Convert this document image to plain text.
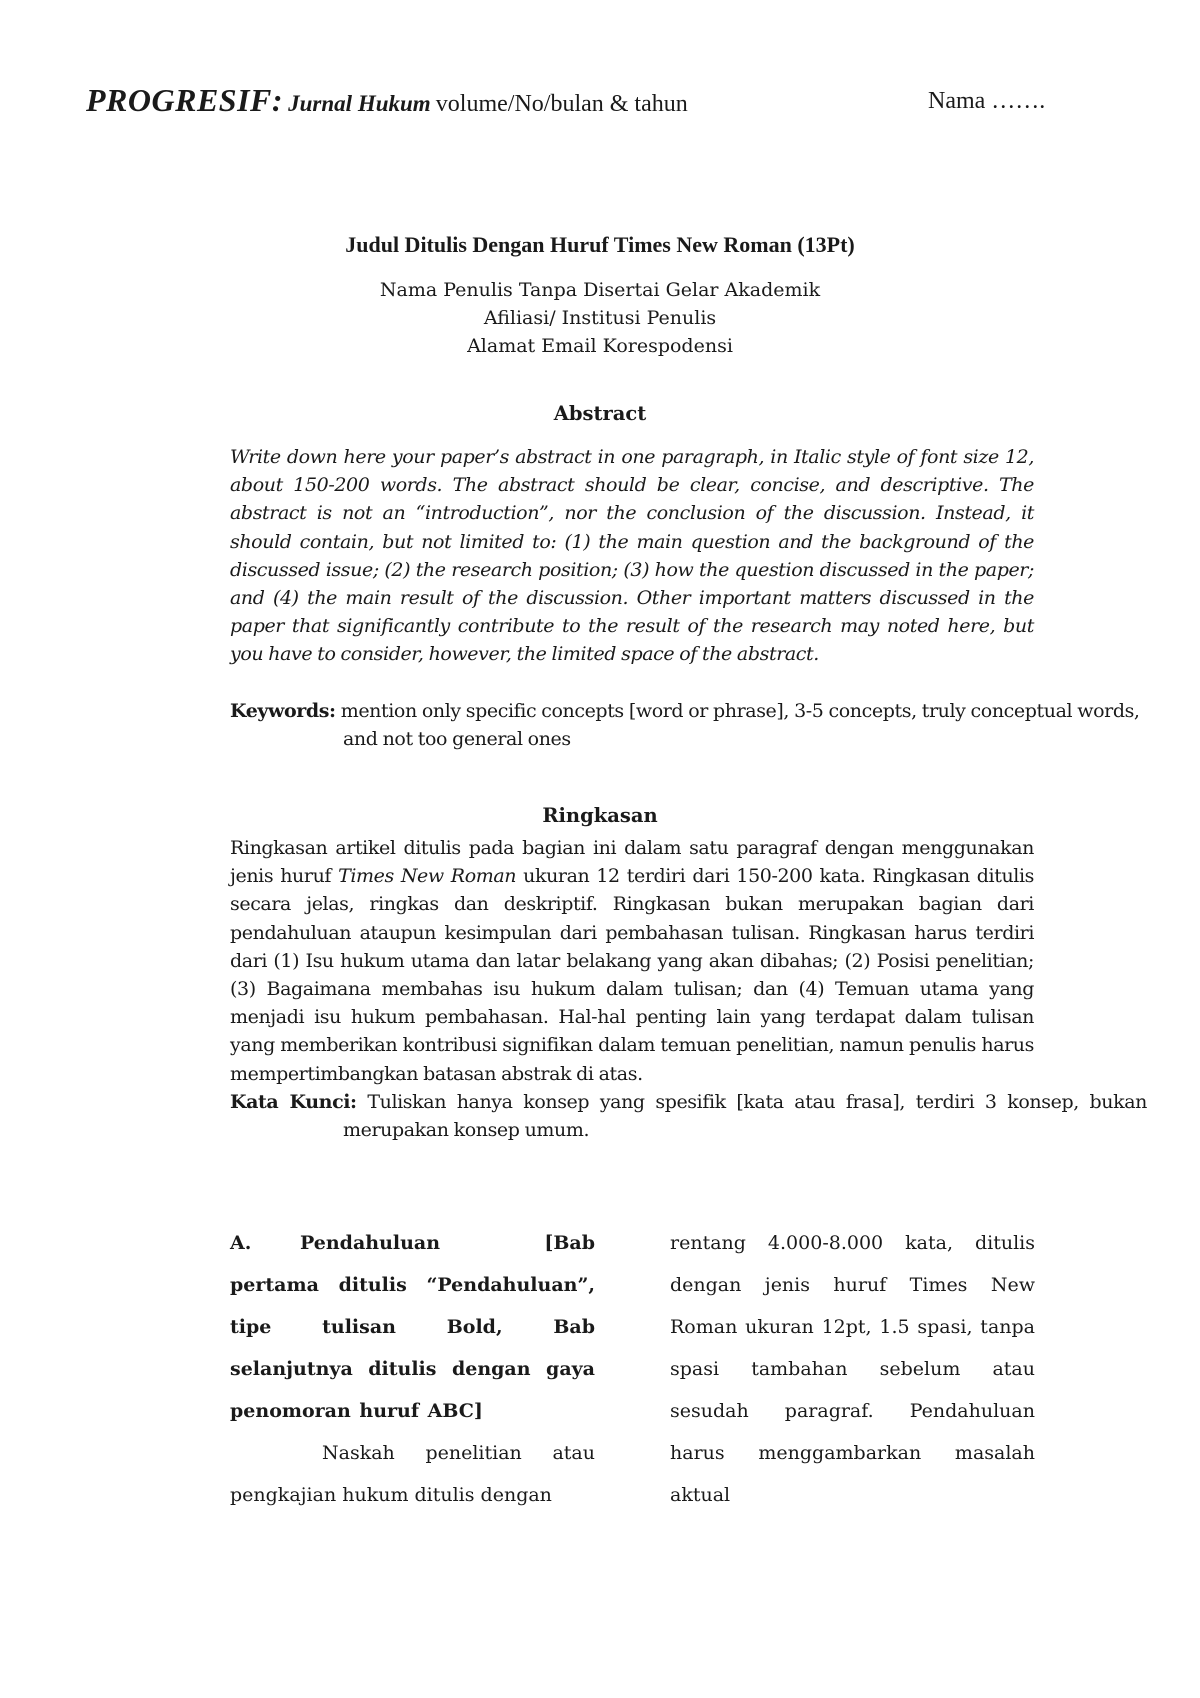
PROGRESIF: Jurnal Hukum volume/No/bulan & tahun	Nama …….
Judul Ditulis Dengan Huruf Times New Roman (13Pt)
Nama Penulis Tanpa Disertai Gelar Akademik
Afiliasi/ Institusi Penulis
Alamat Email Korespodensi
Abstract

Write down here your paper’s abstract in one paragraph, in Italic style of font size 12, about 150-200 words. The abstract should be clear, concise, and descriptive. The abstract is not an “introduction”, nor the conclusion of the discussion. Instead, it should contain, but not limited to: (1) the main question and the background of the discussed issue; (2) the research position; (3) how the question discussed in the paper; and (4) the main result of the discussion. Other important matters discussed in the paper that significantly contribute to the result of the research may noted here, but you have to consider, however, the limited space of the abstract.

Keywords: mention only specific concepts [word or phrase], 3-5 concepts, truly conceptual words, and not too general ones

Ringkasan

Ringkasan artikel ditulis pada bagian ini dalam satu paragraf dengan menggunakan jenis huruf Times New Roman ukuran 12 terdiri dari 150-200 kata. Ringkasan ditulis secara jelas, ringkas dan deskriptif. Ringkasan bukan merupakan bagian dari pendahuluan ataupun kesimpulan dari pembahasan tulisan. Ringkasan harus terdiri dari (1) Isu hukum utama dan latar belakang yang akan dibahas; (2) Posisi penelitian; (3) Bagaimana membahas isu hukum dalam tulisan; dan (4) Temuan utama yang menjadi isu hukum pembahasan. Hal-hal penting lain yang terdapat dalam tulisan yang memberikan kontribusi signifikan dalam temuan penelitian, namun penulis harus mempertimbangkan batasan abstrak di atas.

Kata Kunci: Tuliskan hanya konsep yang spesifik [kata atau frasa], terdiri 3 konsep, bukan merupakan konsep umum.

A.	Pendahuluan [Bab pertama ditulis “Pendahuluan”, tipe tulisan Bold, Bab selanjutnya ditulis dengan gaya penomoran huruf ABC]

Naskah penelitian atau pengkajian hukum ditulis dengan

rentang 4.000-8.000 kata, ditulis dengan jenis huruf Times New Roman ukuran 12pt, 1.5 spasi, tanpa spasi tambahan sebelum atau sesudah paragraf. Pendahuluan harus menggambarkan masalah aktual
